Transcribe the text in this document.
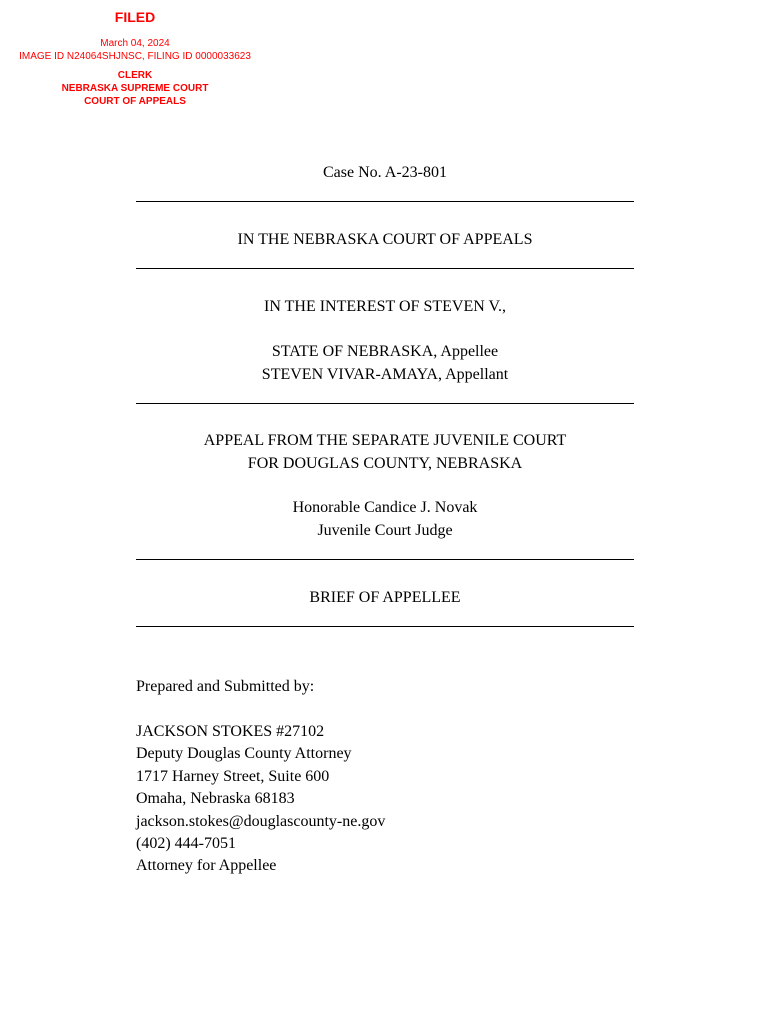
FILED
March 04, 2024
IMAGE ID N24064SHJNSC, FILING ID 0000033623
CLERK
NEBRASKA SUPREME COURT
COURT OF APPEALS
Case No. A-23-801
IN THE NEBRASKA COURT OF APPEALS
IN THE INTEREST OF STEVEN V.,
STATE OF NEBRASKA, Appellee
STEVEN VIVAR-AMAYA, Appellant
APPEAL FROM THE SEPARATE JUVENILE COURT
FOR DOUGLAS COUNTY, NEBRASKA
Honorable Candice J. Novak
Juvenile Court Judge
BRIEF OF APPELLEE
Prepared and Submitted by:
JACKSON STOKES #27102
Deputy Douglas County Attorney
1717 Harney Street, Suite 600
Omaha, Nebraska 68183
jackson.stokes@douglascounty-ne.gov
(402) 444-7051
Attorney for Appellee
